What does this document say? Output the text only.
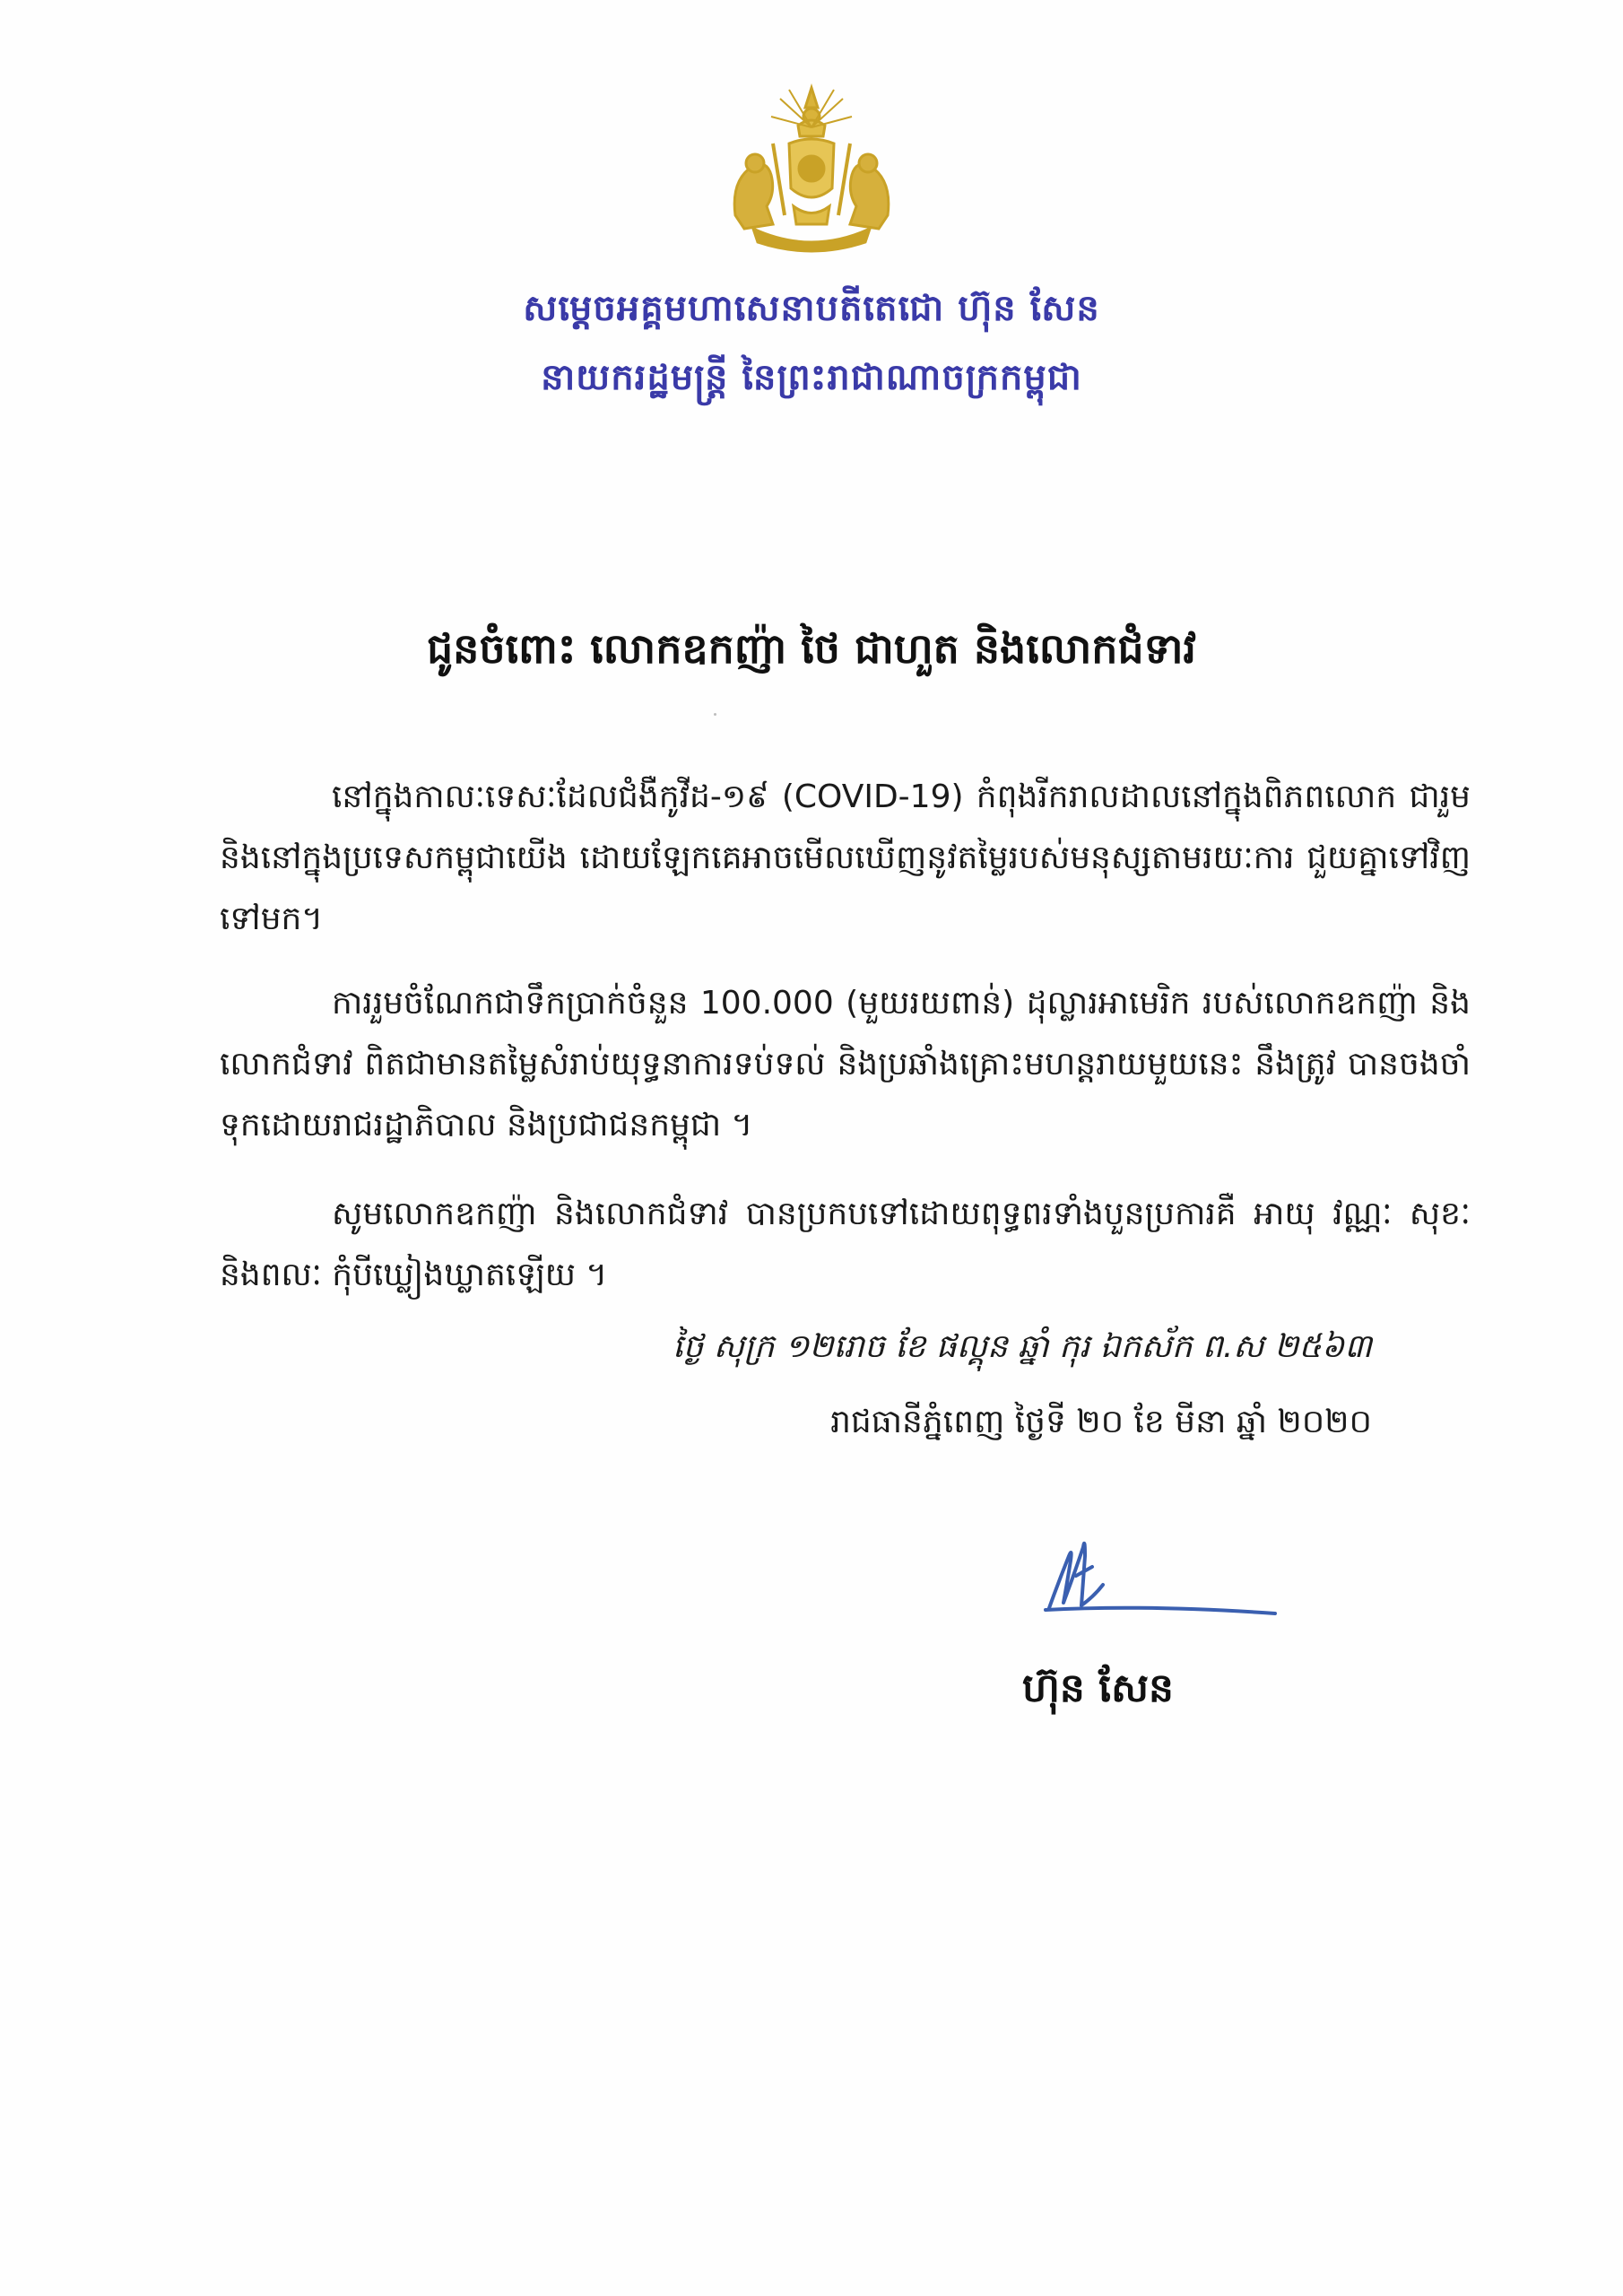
សម្តេចអគ្គមហាសេនាបតីតេជោ ហ៊ុន សែន
នាយករដ្ឋមន្ត្រី នៃព្រះរាជាណាចក្រកម្ពុជា
ជូនចំពោះ លោកឧកញ៉ា ថៃ ជាហួត និងលោកជំទាវ
នៅក្នុងកាលៈទេសៈដែលជំងឺកូវីដ-១៩ (COVID-19) កំពុងរីករាលដាលនៅក្នុងពិភពលោក ជារួមនិងនៅក្នុងប្រទេសកម្ពុជាយើង ដោយឡែកគេអាចមើលឃើញនូវតម្លៃរបស់មនុស្សតាមរយៈការ ជួយគ្នាទៅវិញទៅមក។
ការរួមចំណែកជាទឹកប្រាក់ចំនួន 100.000 (មួយរយពាន់) ដុល្លារអាមេរិក របស់លោកឧកញ៉ា និងលោកជំទាវ ពិតជាមានតម្លៃសំរាប់យុទ្ធនាការទប់ទល់ និងប្រឆាំងគ្រោះមហន្តរាយមួយនេះ នឹងត្រូវ បានចងចាំទុកដោយរាជរដ្ឋាភិបាល និងប្រជាជនកម្ពុជា ។
សូមលោកឧកញ៉ា និងលោកជំទាវ បានប្រកបទៅដោយពុទ្ធពរទាំងបួនប្រការគឺ អាយុ វណ្ណៈ សុខៈ និងពលៈ កុំបីឃ្លៀងឃ្លាតឡើយ ។
ថ្ងៃ សុក្រ ១២រោច ខែ ផល្គុន ឆ្នាំ កុរ ឯកស័ក ព.ស ២៥៦៣
រាជធានីភ្នំពេញ ថ្ងៃទី ២០ ខែ មីនា ឆ្នាំ ២០២០
ហ៊ុន សែន
